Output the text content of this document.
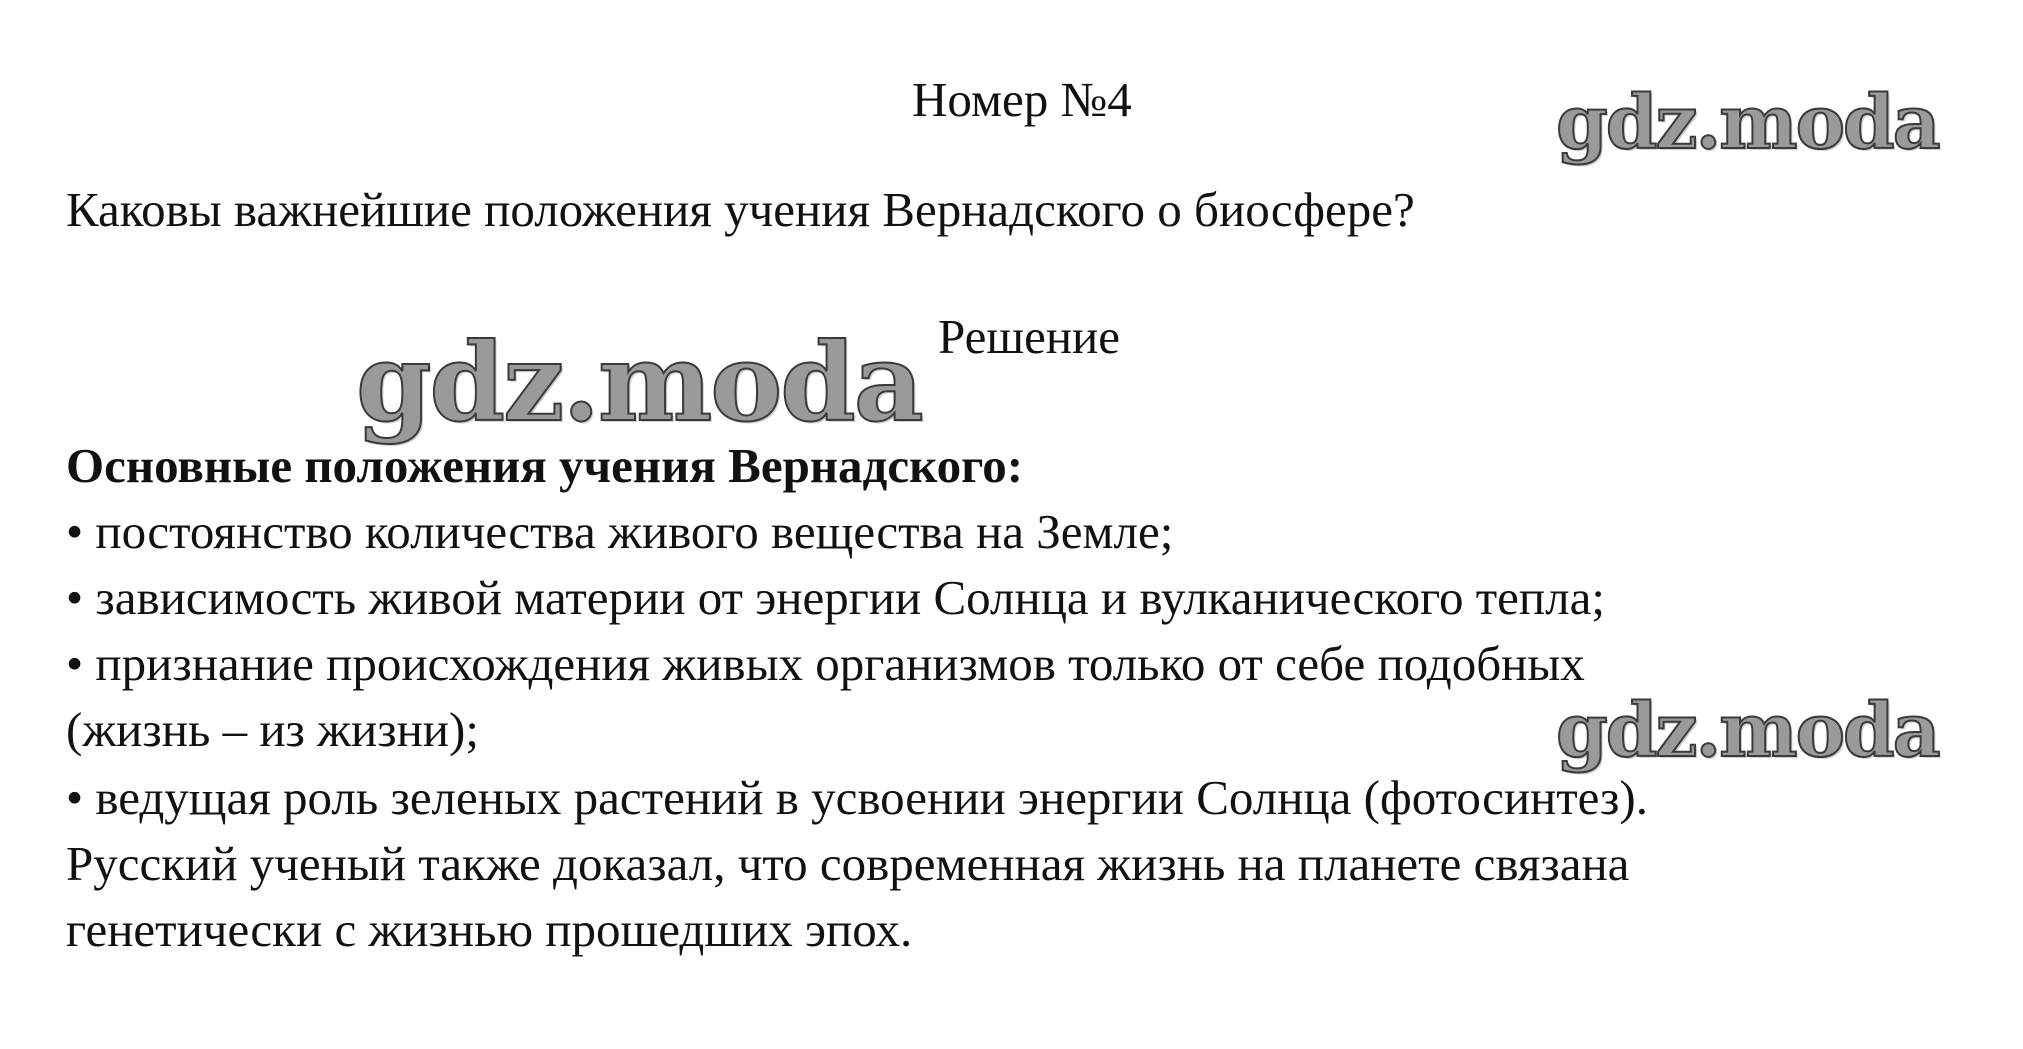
Номер №4	gdz.moda

Каковы важнейшие положения учения Вернадского о биосфере?

gdz.moda Решение

Основные положения учения Вернадского:

• постоянство количества живого вещества на Земле;

• зависимость живой материи от энергии Солнца и вулканического тепла;

• признание происхождения живых организмов только от себе подобных

(жизнь – из жизни);	gdz.moda

• ведущая роль зеленых растений в усвоении энергии Солнца (фотосинтез).

Русский ученый также доказал, что современная жизнь на планете связана

генетически с жизнью прошедших эпох.
